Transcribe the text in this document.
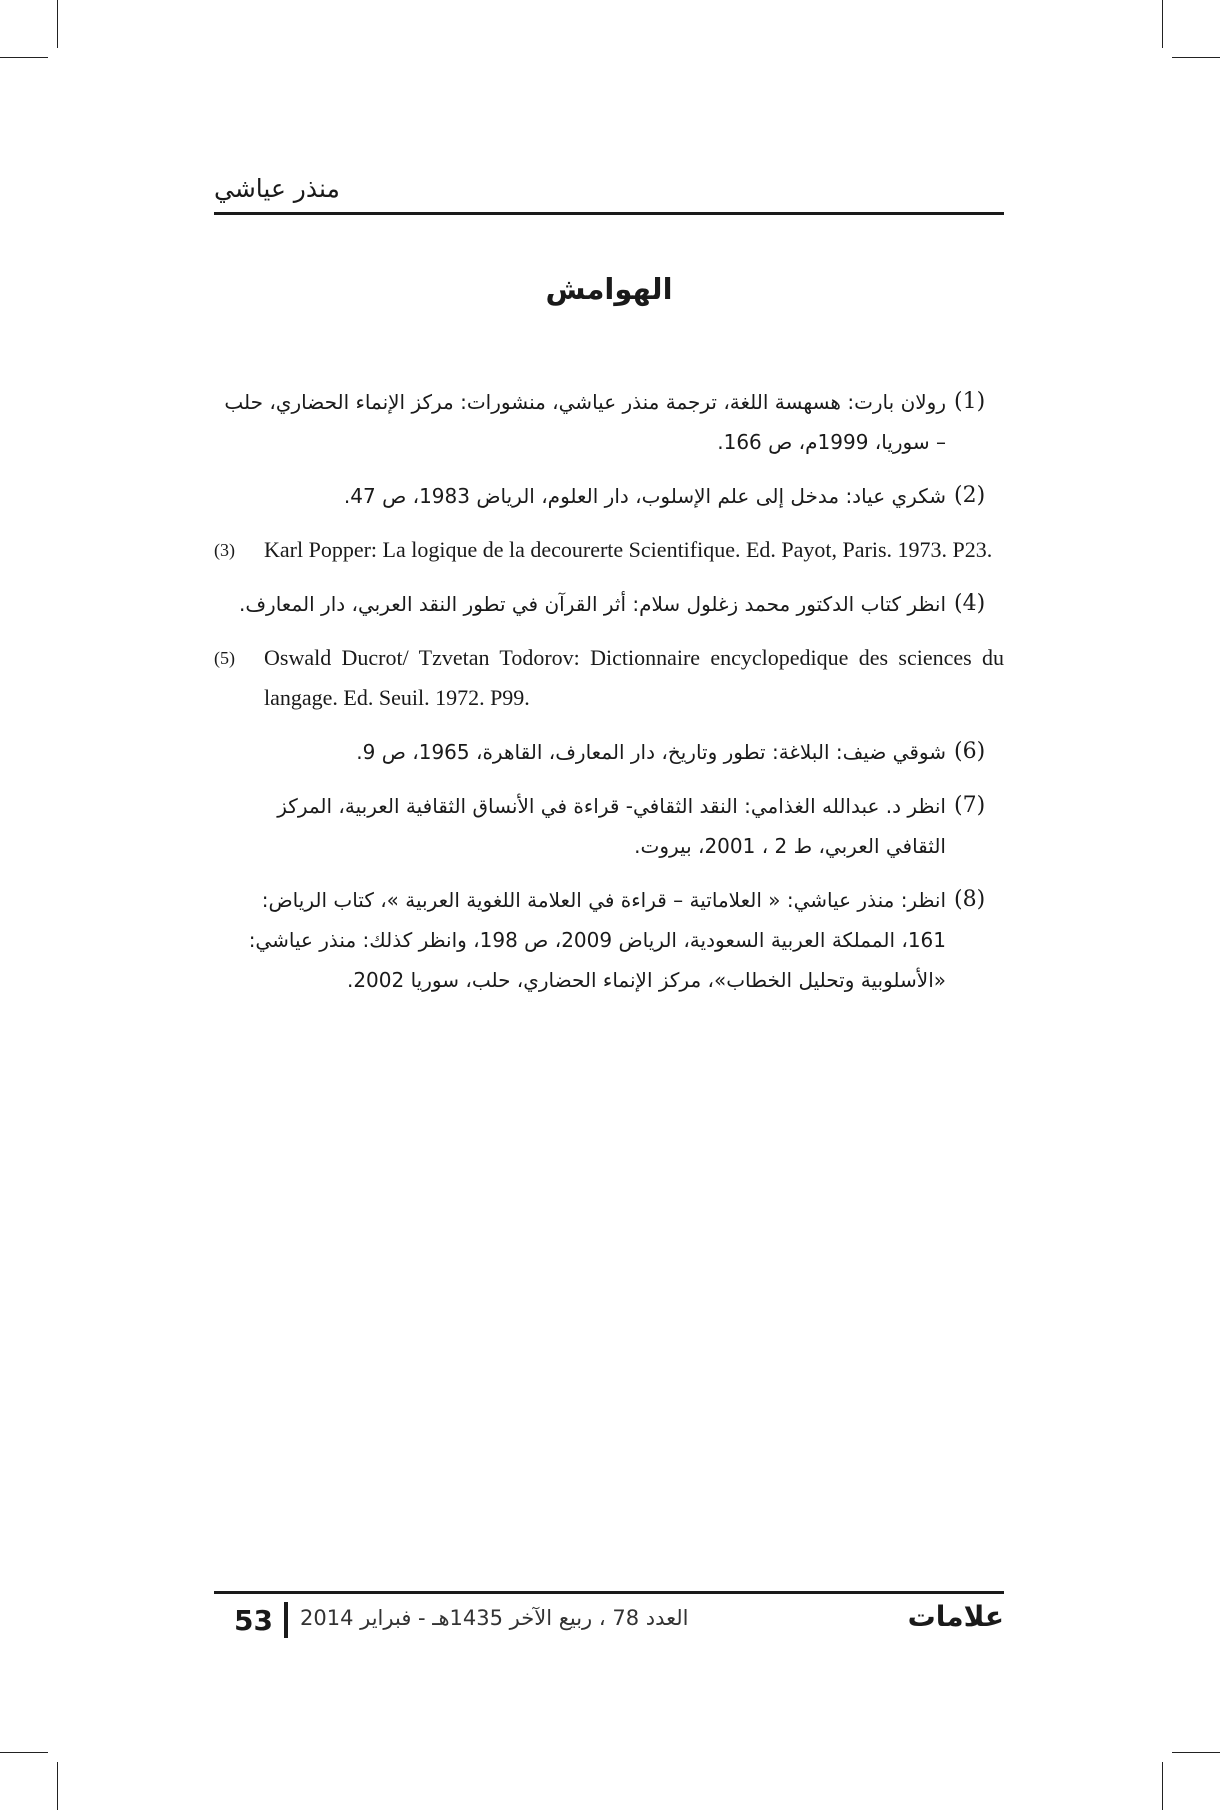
منذر عياشي
الهوامش
(1)
رولان بارت: هسهسة اللغة، ترجمة منذر عياشي، منشورات: مركز الإنماء الحضاري، حلب – سوريا، 1999م، ص 166.
(2)
شكري عياد: مدخل إلى علم الإسلوب، دار العلوم، الرياض 1983، ص 47.
(3)	Karl Popper: La logique de la decourerte Scientifique. Ed. Payot, Paris. 1973. P23.
(4)
انظر كتاب الدكتور محمد زغلول سلام: أثر القرآن في تطور النقد العربي، دار المعارف.
(5)	Oswald Ducrot/ Tzvetan Todorov: Dictionnaire encyclopedique des sciences du langage. Ed. Seuil. 1972. P99.
(6)
شوقي ضيف: البلاغة: تطور وتاريخ، دار المعارف، القاهرة، 1965، ص 9.
(7)
انظر د. عبدالله الغذامي: النقد الثقافي- قراءة في الأنساق الثقافية العربية، المركز الثقافي العربي، ط 2 ، 2001، بيروت.
(8)
انظر: منذر عياشي: « العلاماتية – قراءة في العلامة اللغوية العربية »، كتاب الرياض: 161، المملكة العربية السعودية، الرياض 2009، ص 198، وانظر كذلك: منذر عياشي: «الأسلوبية وتحليل الخطاب»، مركز الإنماء الحضاري، حلب، سوريا 2002.
53 العدد 78 ، ربيع الآخر 1435هـ - فبراير 2014	علامات
